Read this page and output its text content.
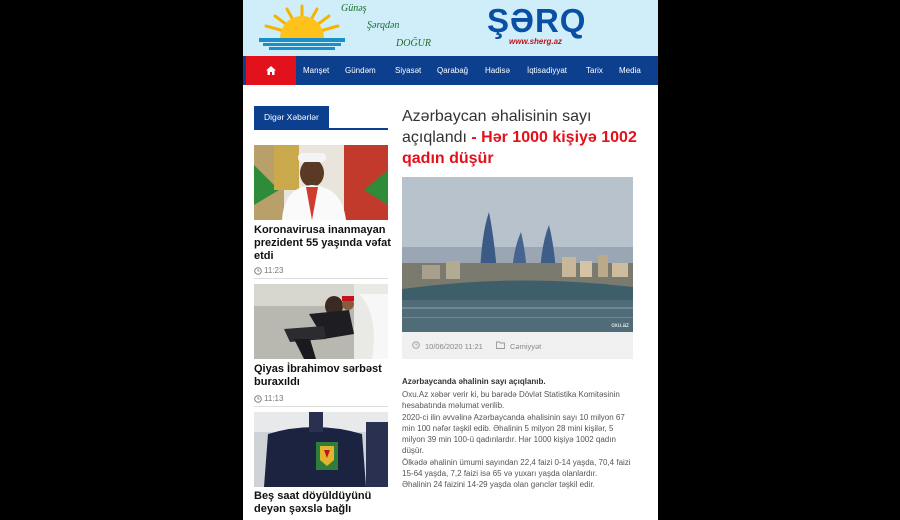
Günəş
Şərqdən
DOĞUR
ŞƏRQ
www.sherg.az
Manşet Gündəm Siyasət Qarabağ Hadisə İqtisadiyyat Tarix Media
Digər Xəbərlər
Koronavirusa inanmayan prezident 55 yaşında vəfat etdi
11:23
Qiyas İbrahimov sərbəst buraxıldı
11:13
Beş saat döyüldüyünü deyən şəxslə bağlı
Azərbaycan əhalisinin sayı açıqlandı - Hər 1000 kişiyə 1002 qadın düşür
oxu.az
10/06/2020 11:21	Cəmiyyət
Azərbaycanda əhalinin sayı açıqlanıb.
Oxu.Az xəbər verir ki, bu barədə Dövlət Statistika Komitəsinin hesabatında məlumat verilib.
2020-ci ilin əvvəlinə Azərbaycanda əhalisinin sayı 10 milyon 67 min 100 nəfər təşkil edib. Əhalinin 5 milyon 28 mini kişilər, 5 milyon 39 min 100-ü qadınlardır. Hər 1000 kişiyə 1002 qadın düşür.
Ölkədə əhalinin ümumi sayından 22,4 faizi 0-14 yaşda, 70,4 faizi 15-64 yaşda, 7,2 faizi isə 65 və yuxarı yaşda olanlardır.
Əhalinin 24 faizini 14-29 yaşda olan gənclər təşkil edir.
